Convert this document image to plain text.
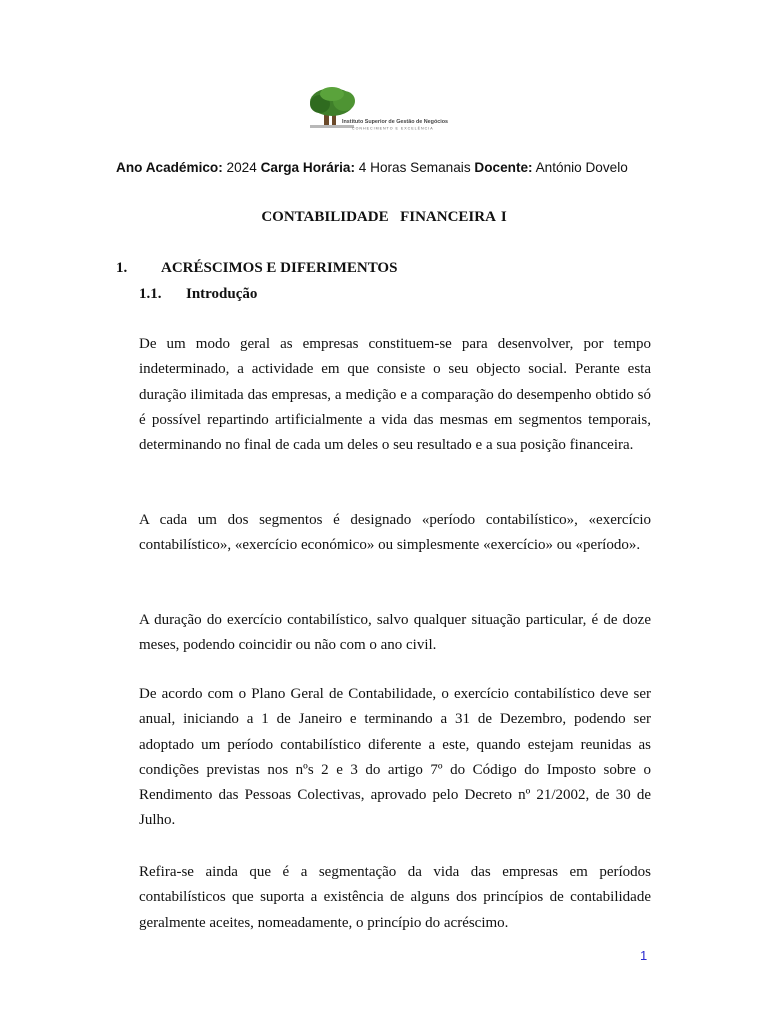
Instituto Superior de Gestão de Negócios
CONHECIMENTO E EXCELÊNCIA
Ano Académico: 2024 Carga Horária: 4 Horas Semanais Docente: António Dovelo
CONTABILIDADE  FINANCEIRA I
1. ACRÉSCIMOS E DIFERIMENTOS
1.1. Introdução

De um modo geral as empresas constituem-se para desenvolver, por tempo indeterminado, a actividade em que consiste o seu objecto social. Perante esta duração ilimitada das empresas, a medição e a comparação do desempenho obtido só é possível repartindo artificialmente a vida das mesmas em segmentos temporais, determinando no final de cada um deles o seu resultado e a sua posição financeira.

A cada um dos segmentos é designado «período contabilístico», «exercício contabilístico», «exercício económico» ou simplesmente «exercício» ou «período».

A duração do exercício contabilístico, salvo qualquer situação particular, é de doze meses, podendo coincidir ou não com o ano civil.

De acordo com o Plano Geral de Contabilidade, o exercício contabilístico deve ser anual, iniciando a 1 de Janeiro e terminando a 31 de Dezembro, podendo ser adoptado um período contabilístico diferente a este, quando estejam reunidas as condições previstas nos nºs 2 e 3 do artigo 7º do Código do Imposto sobre o Rendimento das Pessoas Colectivas, aprovado pelo Decreto nº 21/2002, de 30 de Julho.

Refira-se ainda que é a segmentação da vida das empresas em períodos contabilísticos que suporta a existência de alguns dos princípios de contabilidade geralmente aceites, nomeadamente, o princípio do acréscimo.

1
